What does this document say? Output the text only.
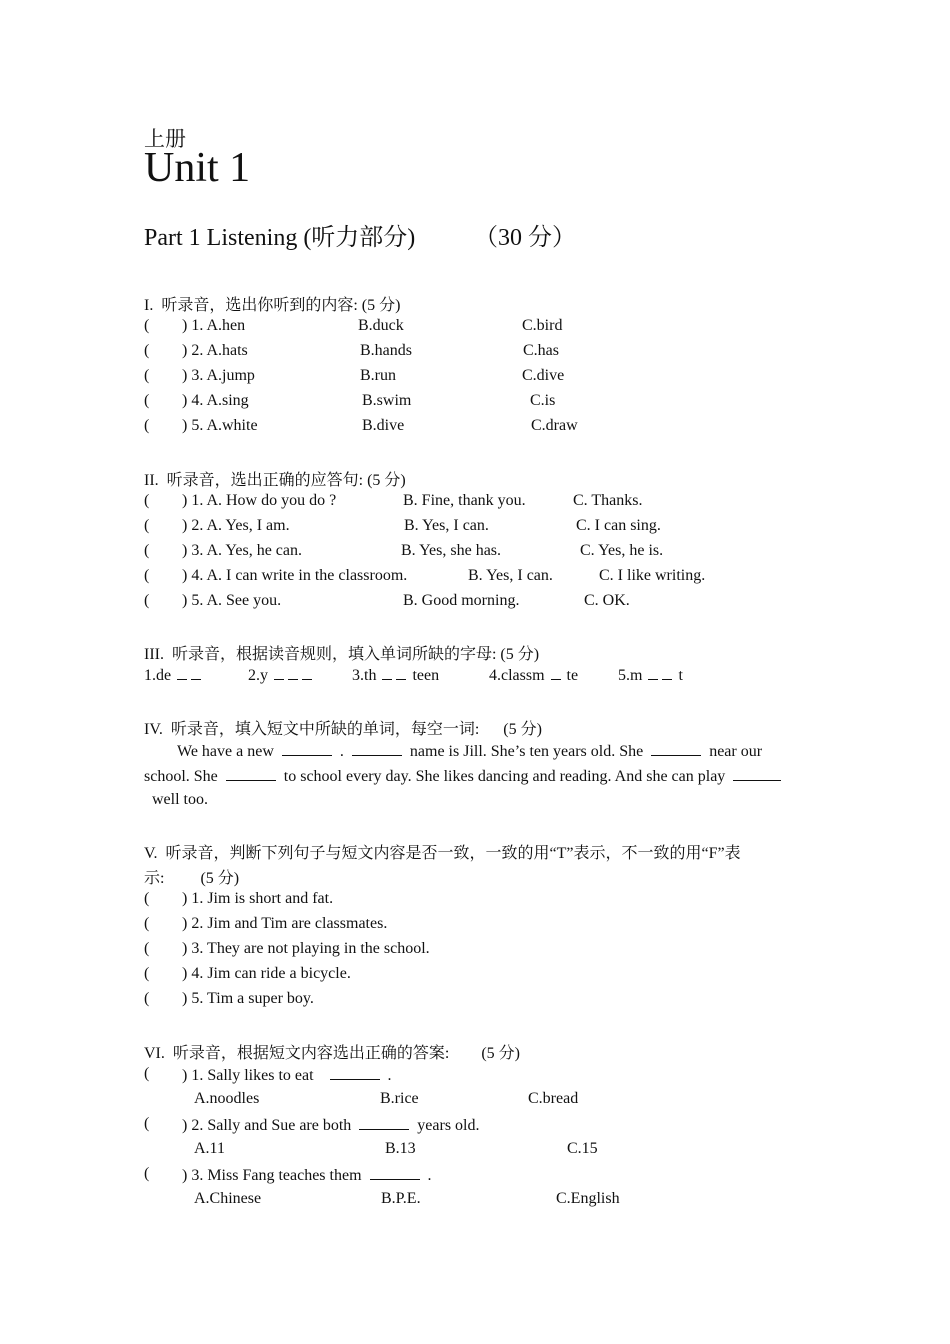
上册
Unit 1
Part 1 Listening (听力部分) （30 分）
I.  听录音，选出你听到的内容: (5 分)
( ) 1. A.hen	B.duck	C.bird
( ) 2. A.hats	B.hands	C.has
( ) 3. A.jump	B.run	C.dive
( ) 4. A.sing	B.swim	C.is
( ) 5. A.white	B.dive	C.draw
II.  听录音，选出正确的应答句: (5 分)
( ) 1. A. How do you do ?	B. Fine, thank you.	C. Thanks.
( ) 2. A. Yes, I am.	B. Yes, I can.	C. I can sing.
( ) 3. A. Yes, he can.	B. Yes, she has.	C. Yes, he is.
( ) 4. A. I can write in the classroom.	B. Yes, I can.	C. I like writing.
( ) 5. A. See you.	B. Good morning.	C. OK.
III.  听录音，根据读音规则，填入单词所缺的字母: (5 分)
1.de	2.y	3.th teen	4.classm te 5.m t
IV.  听录音，填入短文中所缺的单词，每空一词:      (5 分)
We have a new	.	name is Jill. She’s ten years old. She	near our
school. She	to school every day. She likes dancing and reading. And she can play
well too.
V.  听录音，判断下列句子与短文内容是否一致，一致的用“T”表示，不一致的用“F”表
示:         (5 分)
( ) 1. Jim is short and fat.
( ) 2. Jim and Tim are classmates.
( ) 3. They are not playing in the school.
( ) 4. Jim can ride a bicycle.
( ) 5. Tim a super boy.
VI.  听录音，根据短文内容选出正确的答案:        (5 分)
( ) 1. Sally likes to eat	.
A.noodles	B.rice	C.bread
( ) 2. Sally and Sue are both	years old.
A.11	B.13	C.15
( ) 3. Miss Fang teaches them	.
A.Chinese	B.P.E.	C.English
